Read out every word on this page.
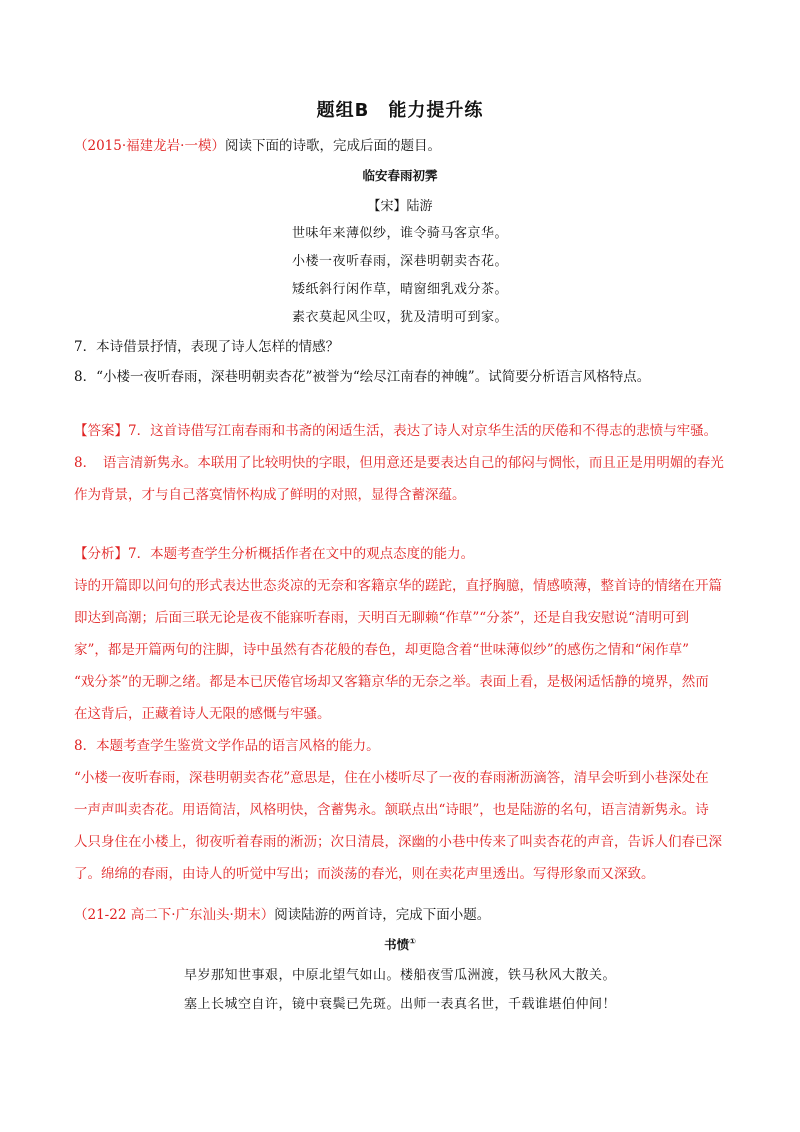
题组B　能力提升练
（2015·福建龙岩·一模）阅读下面的诗歌，完成后面的题目。
临安春雨初霁
【宋】陆游
世味年来薄似纱，谁令骑马客京华。
小楼一夜听春雨，深巷明朝卖杏花。
矮纸斜行闲作草，晴窗细乳戏分茶。
素衣莫起风尘叹，犹及清明可到家。
7．本诗借景抒情，表现了诗人怎样的情感？
8．“小楼一夜听春雨，深巷明朝卖杏花”被誉为“绘尽江南春的神魄”。试简要分析语言风格特点。
【答案】7．这首诗借写江南春雨和书斋的闲适生活，表达了诗人对京华生活的厌倦和不得志的悲愤与牢骚。
8．　语言清新隽永。本联用了比较明快的字眼，但用意还是要表达自己的郁闷与惆怅，而且正是用明媚的春光
作为背景，才与自己落寞情怀构成了鲜明的对照，显得含蓄深蕴。
【分析】7．本题考查学生分析概括作者在文中的观点态度的能力。
诗的开篇即以问句的形式表达世态炎凉的无奈和客籍京华的蹉跎，直抒胸臆，情感喷薄，整首诗的情绪在开篇
即达到高潮；后面三联无论是夜不能寐听春雨，天明百无聊赖“作草”“分茶”，还是自我安慰说“清明可到
家”，都是开篇两句的注脚，诗中虽然有杏花般的春色，却更隐含着“世味薄似纱”的感伤之情和“闲作草”
“戏分茶”的无聊之绪。都是本已厌倦官场却又客籍京华的无奈之举。表面上看，是极闲适恬静的境界，然而
在这背后，正藏着诗人无限的感慨与牢骚。
8．本题考查学生鉴赏文学作品的语言风格的能力。
“小楼一夜听春雨，深巷明朝卖杏花”意思是，住在小楼听尽了一夜的春雨淅沥滴答，清早会听到小巷深处在
一声声叫卖杏花。用语简洁，风格明快，含蓄隽永。颔联点出“诗眼”，也是陆游的名句，语言清新隽永。诗
人只身住在小楼上，彻夜听着春雨的淅沥；次日清晨，深幽的小巷中传来了叫卖杏花的声音，告诉人们春已深
了。绵绵的春雨，由诗人的听觉中写出；而淡荡的春光，则在卖花声里透出。写得形象而又深致。
（21-22 高二下·广东汕头·期末）阅读陆游的两首诗，完成下面小题。
书愤①
早岁那知世事艰，中原北望气如山。楼船夜雪瓜洲渡，铁马秋风大散关。
塞上长城空自许，镜中衰鬓已先斑。出师一表真名世，千载谁堪伯仲间！
